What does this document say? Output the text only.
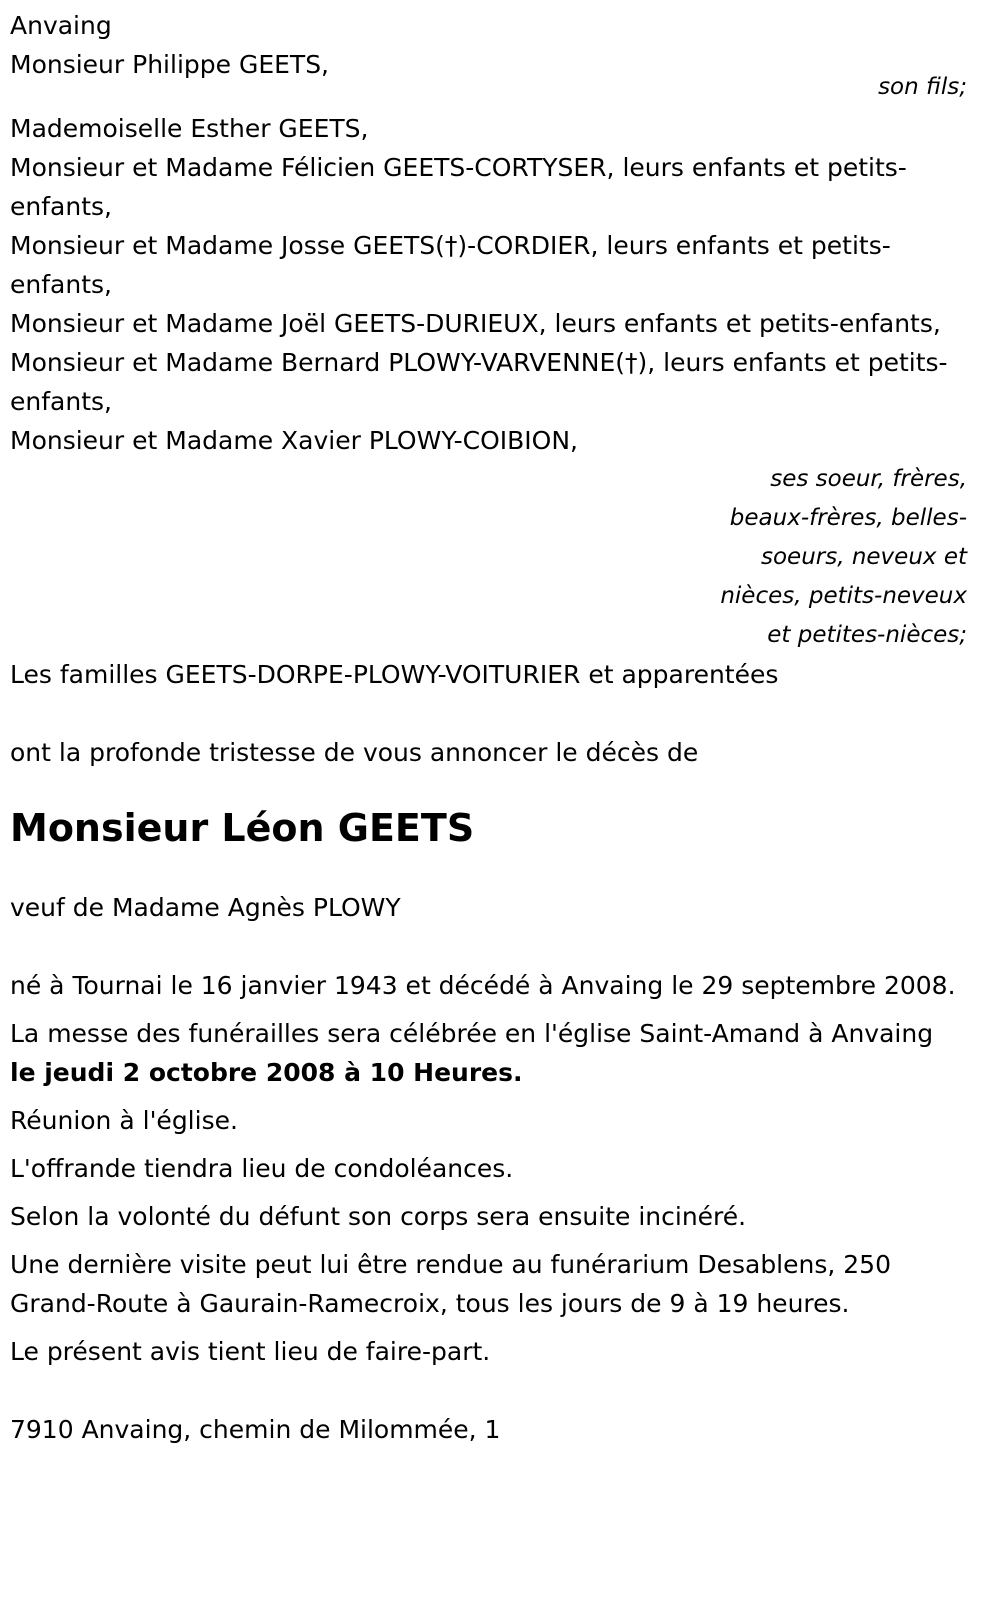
Anvaing

Monsieur Philippe GEETS,

son fils;

Mademoiselle Esther GEETS,

Monsieur et Madame Félicien GEETS-CORTYSER, leurs enfants et petits-enfants,

Monsieur et Madame Josse GEETS(†)-CORDIER, leurs enfants et petits-enfants,

Monsieur et Madame Joël GEETS-DURIEUX, leurs enfants et petits-enfants,

Monsieur et Madame Bernard PLOWY-VARVENNE(†), leurs enfants et petits-enfants,

Monsieur et Madame Xavier PLOWY-COIBION,

ses soeur, frères, beaux-frères, belles-soeurs, neveux et nièces, petits-neveux et petites-nièces;

Les familles GEETS-DORPE-PLOWY-VOITURIER et apparentées

ont la profonde tristesse de vous annoncer le décès de

Monsieur Léon GEETS

veuf de Madame Agnès PLOWY

né à Tournai le 16 janvier 1943 et décédé à Anvaing le 29 septembre 2008.

La messe des funérailles sera célébrée en l'église Saint-Amand à Anvaing
le jeudi 2 octobre 2008 à 10 Heures.

Réunion à l'église.

L'offrande tiendra lieu de condoléances.

Selon la volonté du défunt son corps sera ensuite incinéré.

Une dernière visite peut lui être rendue au funérarium Desablens, 250 Grand-Route à Gaurain-Ramecroix, tous les jours de 9 à 19 heures.

Le présent avis tient lieu de faire-part.

7910 Anvaing, chemin de Milommée, 1
